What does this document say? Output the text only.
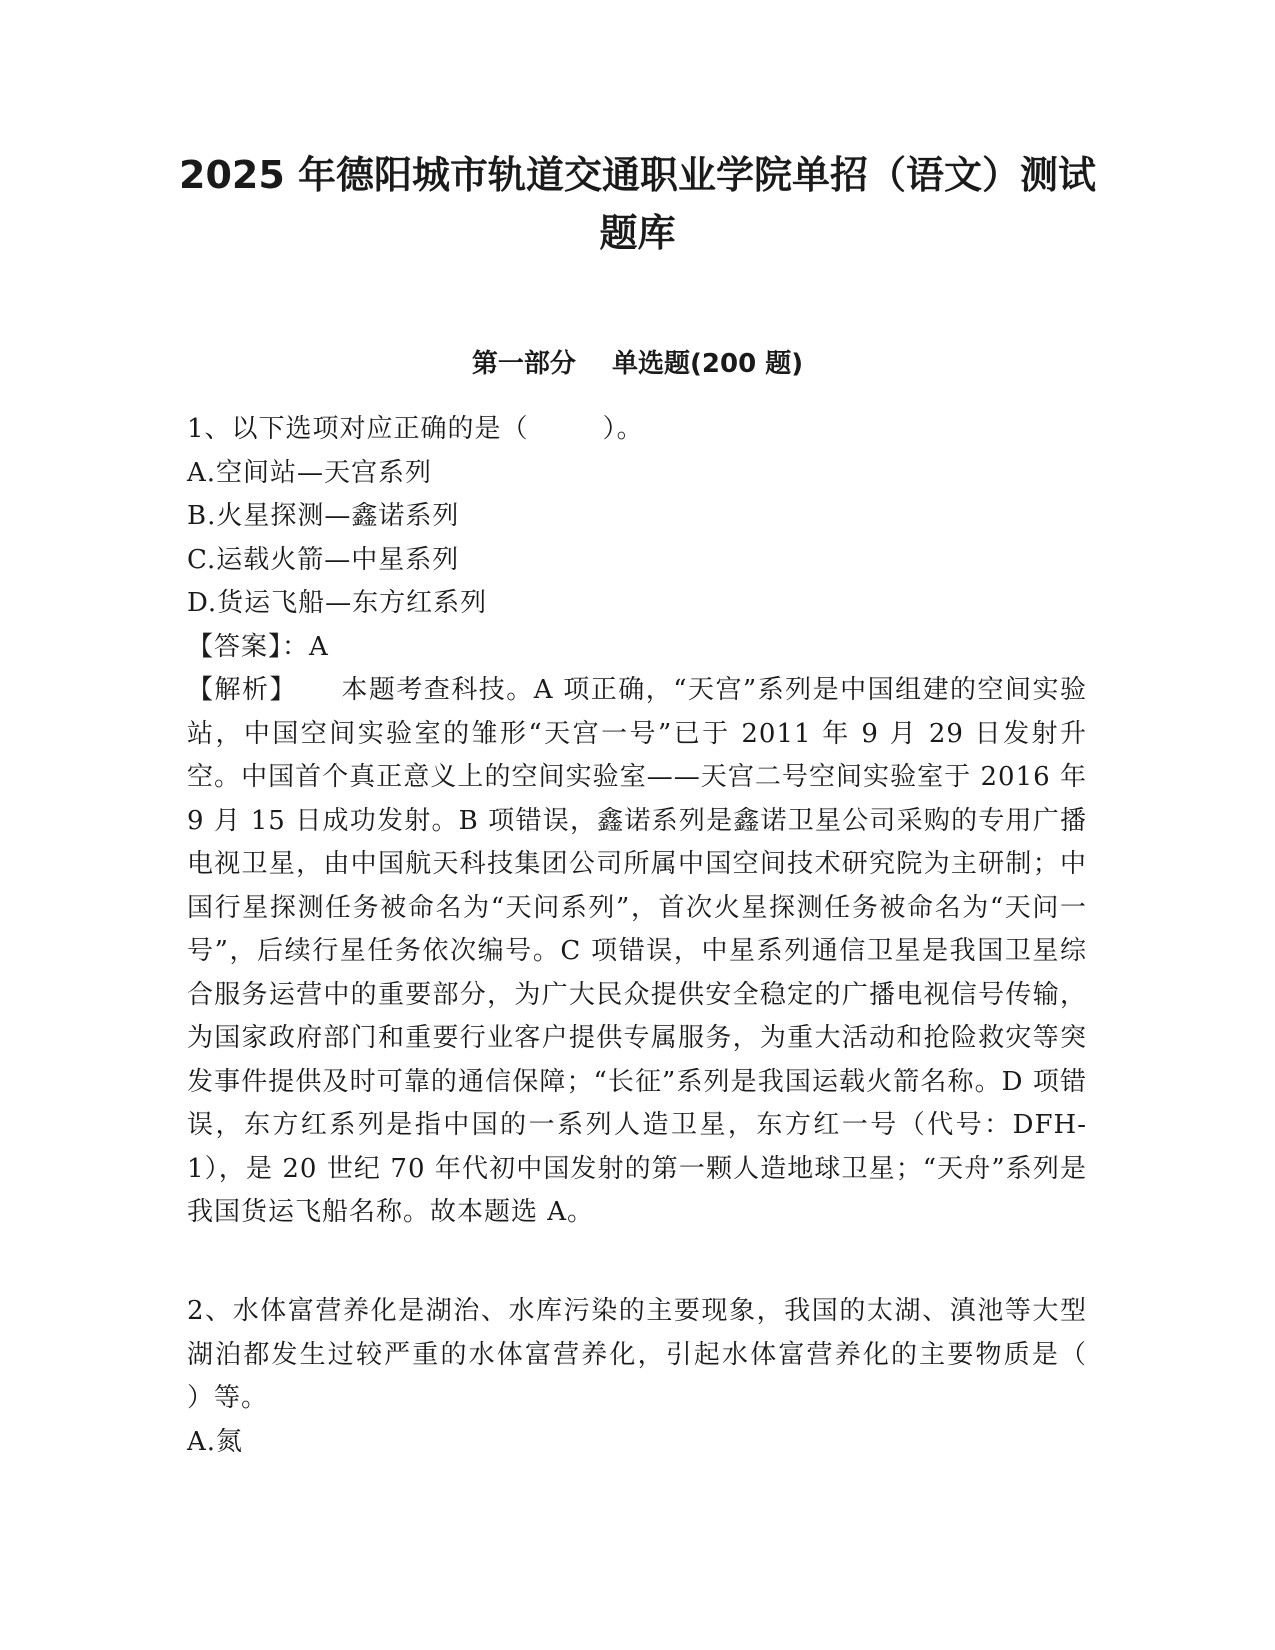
2025 年德阳城市轨道交通职业学院单招（语文）测试
题库
第一部分    单选题(200 题)
1、以下选项对应正确的是（        ）。
A.空间站—天宫系列
B.火星探测—鑫诺系列
C.运载火箭—中星系列
D.货运飞船—东方红系列
【答案】：A
【解析】 本题考查科技。A 项正确，“天宫”系列是中国组建的空间实验站，中国空间实验室的雏形“天宫一号”已于 2011 年 9 月 29 日发射升空。中国首个真正意义上的空间实验室——天宫二号空间实验室于 2016 年 9 月 15 日成功发射。B 项错误，鑫诺系列是鑫诺卫星公司采购的专用广播电视卫星，由中国航天科技集团公司所属中国空间技术研究院为主研制；中国行星探测任务被命名为“天问系列”，首次火星探测任务被命名为“天问一号”，后续行星任务依次编号。C 项错误，中星系列通信卫星是我国卫星综合服务运营中的重要部分，为广大民众提供安全稳定的广播电视信号传输，为国家政府部门和重要行业客户提供专属服务，为重大活动和抢险救灾等突发事件提供及时可靠的通信保障；“长征”系列是我国运载火箭名称。D 项错误，东方红系列是指中国的一系列人造卫星，东方红一号（代号：DFH-1），是 20 世纪 70 年代初中国发射的第一颗人造地球卫星；“天舟”系列是我国货运飞船名称。故本题选 A。
2、水体富营养化是湖治、水库污染的主要现象，我国的太湖、滇池等大型湖泊都发生过较严重的水体富营养化，引起水体富营养化的主要物质是（        ）等。
A.氮
